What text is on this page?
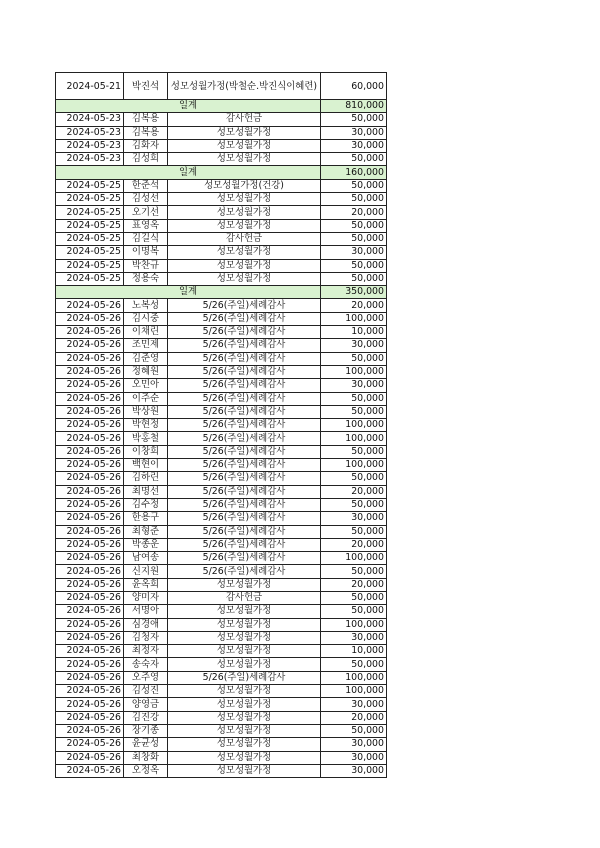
2024-05-21	박진석	성모성월가정(박철순.박진식이혜련)	60,000
일계			810,000
2024-05-23	김복용	감사헌금	50,000
2024-05-23	김복용	성모성월가정	30,000
2024-05-23	김화자	성모성월가정	30,000
2024-05-23	김성희	성모성월가정	50,000
일계			160,000
2024-05-25	한준석	성모성월가정(건강)	50,000
2024-05-25	김성선	성모성월가정	50,000
2024-05-25	오기선	성모성월가정	20,000
2024-05-25	표영옥	성모성월가정	50,000
2024-05-25	김길식	감사헌금	50,000
2024-05-25	이명복	성모성월가정	30,000
2024-05-25	박찬규	성모성월가정	50,000
2024-05-25	정용숙	성모성월가정	50,000
일계			350,000
2024-05-26	노복성	5/26(주일)세례감사	20,000
2024-05-26	김시중	5/26(주일)세례감사	100,000
2024-05-26	이채린	5/26(주일)세례감사	10,000
2024-05-26	조민제	5/26(주일)세례감사	30,000
2024-05-26	김준영	5/26(주일)세례감사	50,000
2024-05-26	정혜원	5/26(주일)세례감사	100,000
2024-05-26	오민아	5/26(주일)세례감사	30,000
2024-05-26	이주순	5/26(주일)세례감사	50,000
2024-05-26	박상원	5/26(주일)세례감사	50,000
2024-05-26	박현정	5/26(주일)세례감사	100,000
2024-05-26	박홍철	5/26(주일)세례감사	100,000
2024-05-26	이창희	5/26(주일)세례감사	50,000
2024-05-26	백현이	5/26(주일)세례감사	100,000
2024-05-26	김하린	5/26(주일)세례감사	50,000
2024-05-26	최명선	5/26(주일)세례감사	20,000
2024-05-26	김수정	5/26(주일)세례감사	50,000
2024-05-26	한용구	5/26(주일)세례감사	30,000
2024-05-26	최형준	5/26(주일)세례감사	50,000
2024-05-26	박종운	5/26(주일)세례감사	20,000
2024-05-26	남여송	5/26(주일)세례감사	100,000
2024-05-26	신지원	5/26(주일)세례감사	50,000
2024-05-26	윤옥희	성모성월가정	20,000
2024-05-26	양미자	감사헌금	50,000
2024-05-26	서명아	성모성월가정	50,000
2024-05-26	심경애	성모성월가정	100,000
2024-05-26	김청자	성모성월가정	30,000
2024-05-26	최정자	성모성월가정	10,000
2024-05-26	송숙자	성모성월가정	50,000
2024-05-26	오주영	5/26(주일)세례감사	100,000
2024-05-26	김성진	성모성월가정	100,000
2024-05-26	양영금	성모성월가정	30,000
2024-05-26	김진강	성모성월가정	20,000
2024-05-26	장기종	성모성월가정	50,000
2024-05-26	윤균성	성모성월가정	30,000
2024-05-26	최창화	성모성월가정	30,000
2024-05-26	오정옥	성모성월가정	30,000
